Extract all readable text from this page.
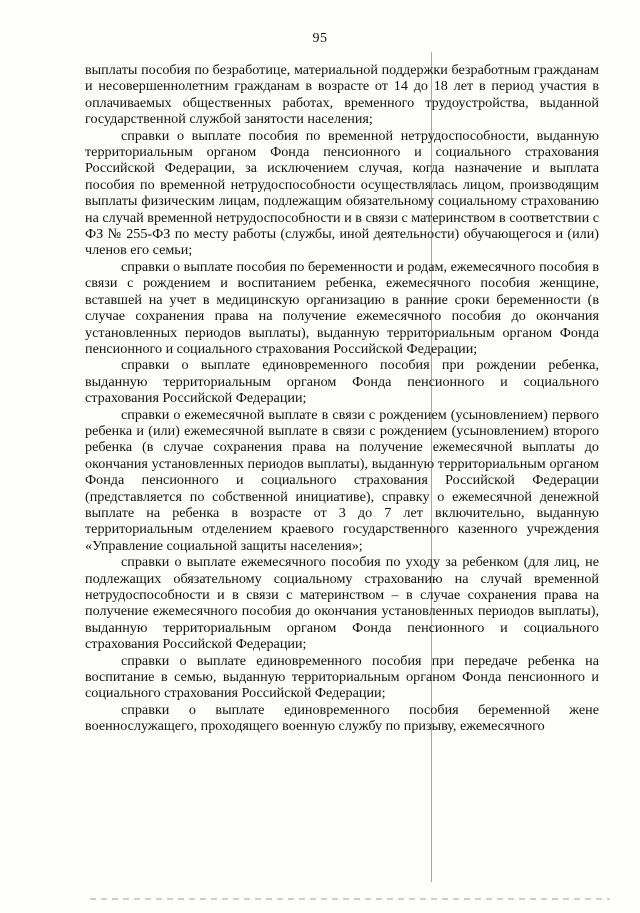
95

выплаты пособия по безработице, материальной поддержки безработным гражданам и несовершеннолетним гражданам в возрасте от 14 до 18 лет в период участия в оплачиваемых общественных работах, временного трудоустройства, выданной государственной службой занятости населения;

справки о выплате пособия по временной нетрудоспособности, выданную территориальным органом Фонда пенсионного и социального страхования Российской Федерации, за исключением случая, когда назначение и выплата пособия по временной нетрудоспособности осуществлялась лицом, производящим выплаты физическим лицам, подлежащим обязательному социальному страхованию на случай временной нетрудоспособности и в связи с материнством в соответствии с ФЗ № 255-ФЗ по месту работы (службы, иной деятельности) обучающегося и (или) членов его семьи;

справки о выплате пособия по беременности и родам, ежемесячного пособия в связи с рождением и воспитанием ребенка, ежемесячного пособия женщине, вставшей на учет в медицинскую организацию в ранние сроки беременности (в случае сохранения права на получение ежемесячного пособия до окончания установленных периодов выплаты), выданную территориальным органом Фонда пенсионного и социального страхования Российской Федерации;

справки о выплате единовременного пособия при рождении ребенка, выданную территориальным органом Фонда пенсионного и социального страхования Российской Федерации;

справки о ежемесячной выплате в связи с рождением (усыновлением) первого ребенка и (или) ежемесячной выплате в связи с рождением (усыновлением) второго ребенка (в случае сохранения права на получение ежемесячной выплаты до окончания установленных периодов выплаты), выданную территориальным органом Фонда пенсионного и социального страхования Российской Федерации (представляется по собственной инициативе), справку о ежемесячной денежной выплате на ребенка в возрасте от 3 до 7 лет включительно, выданную территориальным отделением краевого государственного казенного учреждения «Управление социальной защиты населения»;

справки о выплате ежемесячного пособия по уходу за ребенком (для лиц, не подлежащих обязательному социальному страхованию на случай временной нетрудоспособности и в связи с материнством – в случае сохранения права на получение ежемесячного пособия до окончания установленных периодов выплаты), выданную территориальным органом Фонда пенсионного и социального страхования Российской Федерации;

справки о выплате единовременного пособия при передаче ребенка на воспитание в семью, выданную территориальным органом Фонда пенсионного и социального страхования Российской Федерации;

справки о выплате единовременного пособия беременной жене военнослужащего, проходящего военную службу по призыву, ежемесячного
